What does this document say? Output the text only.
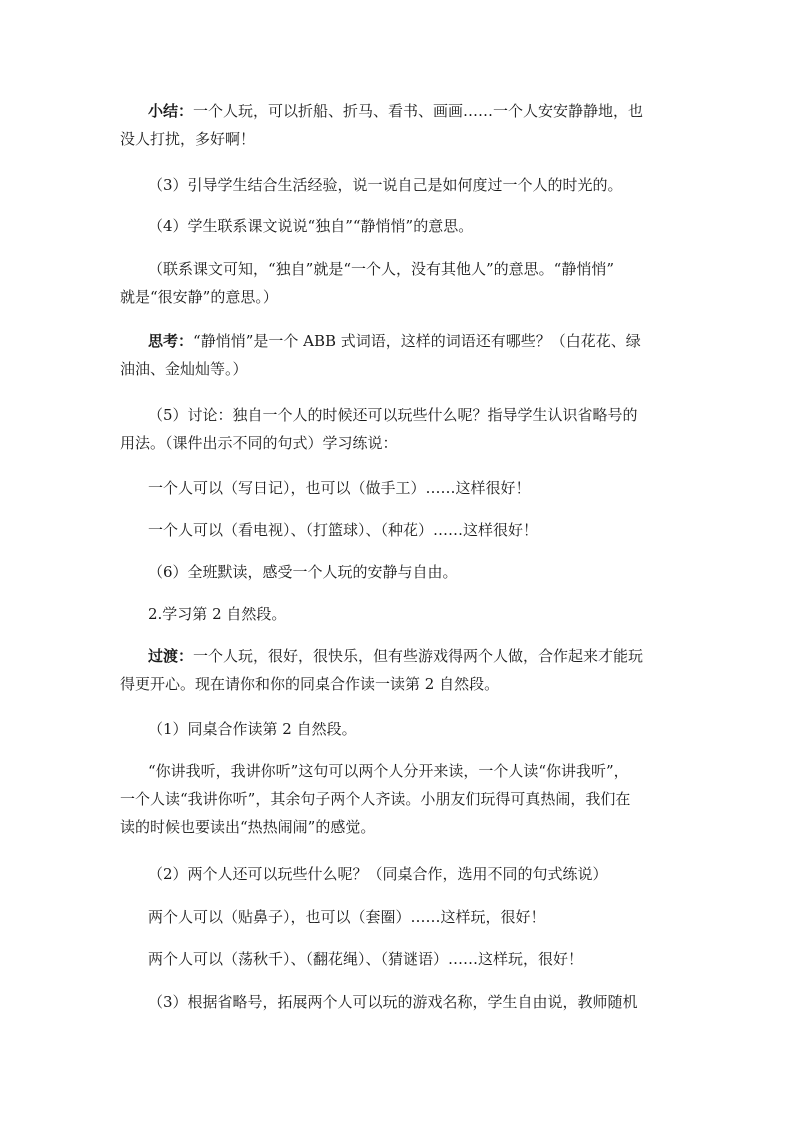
小结：一个人玩，可以折船、折马、看书、画画……一个人安安静静地，也
没人打扰，多好啊！

（3）引导学生结合生活经验，说一说自己是如何度过一个人的时光的。

（4）学生联系课文说说“独自”“静悄悄”的意思。

（联系课文可知，“独自”就是“一个人，没有其他人”的意思。“静悄悄”
就是“很安静”的意思。）

思考：“静悄悄”是一个 ABB 式词语，这样的词语还有哪些？（白花花、绿
油油、金灿灿等。）

（5）讨论：独自一个人的时候还可以玩些什么呢？指导学生认识省略号的
用法。（课件出示不同的句式）学习练说：

一个人可以（写日记），也可以（做手工）……这样很好！

一个人可以（看电视）、（打篮球）、（种花）……这样很好！

（6）全班默读，感受一个人玩的安静与自由。

2.学习第 2 自然段。

过渡：一个人玩，很好，很快乐，但有些游戏得两个人做，合作起来才能玩
得更开心。现在请你和你的同桌合作读一读第 2 自然段。

（1）同桌合作读第 2 自然段。

“你讲我听，我讲你听”这句可以两个人分开来读，一个人读“你讲我听”，
一个人读“我讲你听”，其余句子两个人齐读。小朋友们玩得可真热闹，我们在
读的时候也要读出“热热闹闹”的感觉。

（2）两个人还可以玩些什么呢？（同桌合作，选用不同的句式练说）

两个人可以（贴鼻子），也可以（套圈）……这样玩，很好！

两个人可以（荡秋千）、（翻花绳）、（猜谜语）……这样玩，很好！

（3）根据省略号，拓展两个人可以玩的游戏名称，学生自由说，教师随机
